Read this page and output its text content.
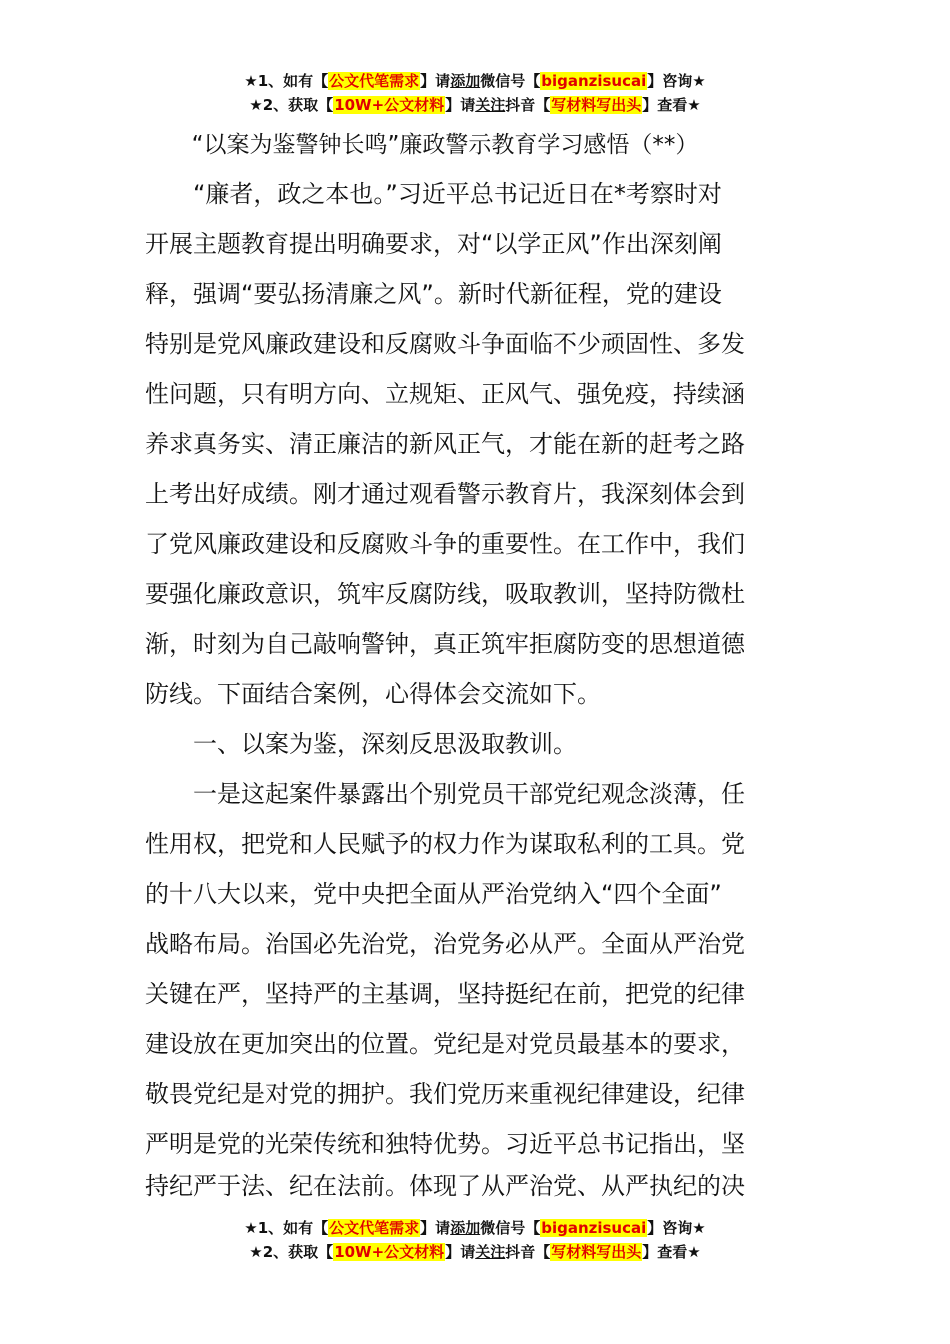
★1、如有【公文代笔需求】请添加微信号【biganzisucai】咨询★
★2、获取【10W+公文材料】请关注抖音【写材料写出头】查看★
“以案为鉴警钟长鸣”廉政警示教育学习感悟（**）
　　“廉者，政之本也。”习近平总书记近日在*考察时对
开展主题教育提出明确要求，对“以学正风”作出深刻阐
释，强调“要弘扬清廉之风”。新时代新征程，党的建设
特别是党风廉政建设和反腐败斗争面临不少顽固性、多发
性问题，只有明方向、立规矩、正风气、强免疫，持续涵
养求真务实、清正廉洁的新风正气，才能在新的赶考之路
上考出好成绩。刚才通过观看警示教育片，我深刻体会到
了党风廉政建设和反腐败斗争的重要性。在工作中，我们
要强化廉政意识，筑牢反腐防线，吸取教训，坚持防微杜
渐，时刻为自己敲响警钟，真正筑牢拒腐防变的思想道德
防线。下面结合案例，心得体会交流如下。
　　一、以案为鉴，深刻反思汲取教训。
　　一是这起案件暴露出个别党员干部党纪观念淡薄，任
性用权，把党和人民赋予的权力作为谋取私利的工具。党
的十八大以来，党中央把全面从严治党纳入“四个全面”
战略布局。治国必先治党，治党务必从严。全面从严治党
关键在严，坚持严的主基调，坚持挺纪在前，把党的纪律
建设放在更加突出的位置。党纪是对党员最基本的要求，
敬畏党纪是对党的拥护。我们党历来重视纪律建设，纪律
严明是党的光荣传统和独特优势。习近平总书记指出，坚
持纪严于法、纪在法前。体现了从严治党、从严执纪的决
★1、如有【公文代笔需求】请添加微信号【biganzisucai】咨询★
★2、获取【10W+公文材料】请关注抖音【写材料写出头】查看★
